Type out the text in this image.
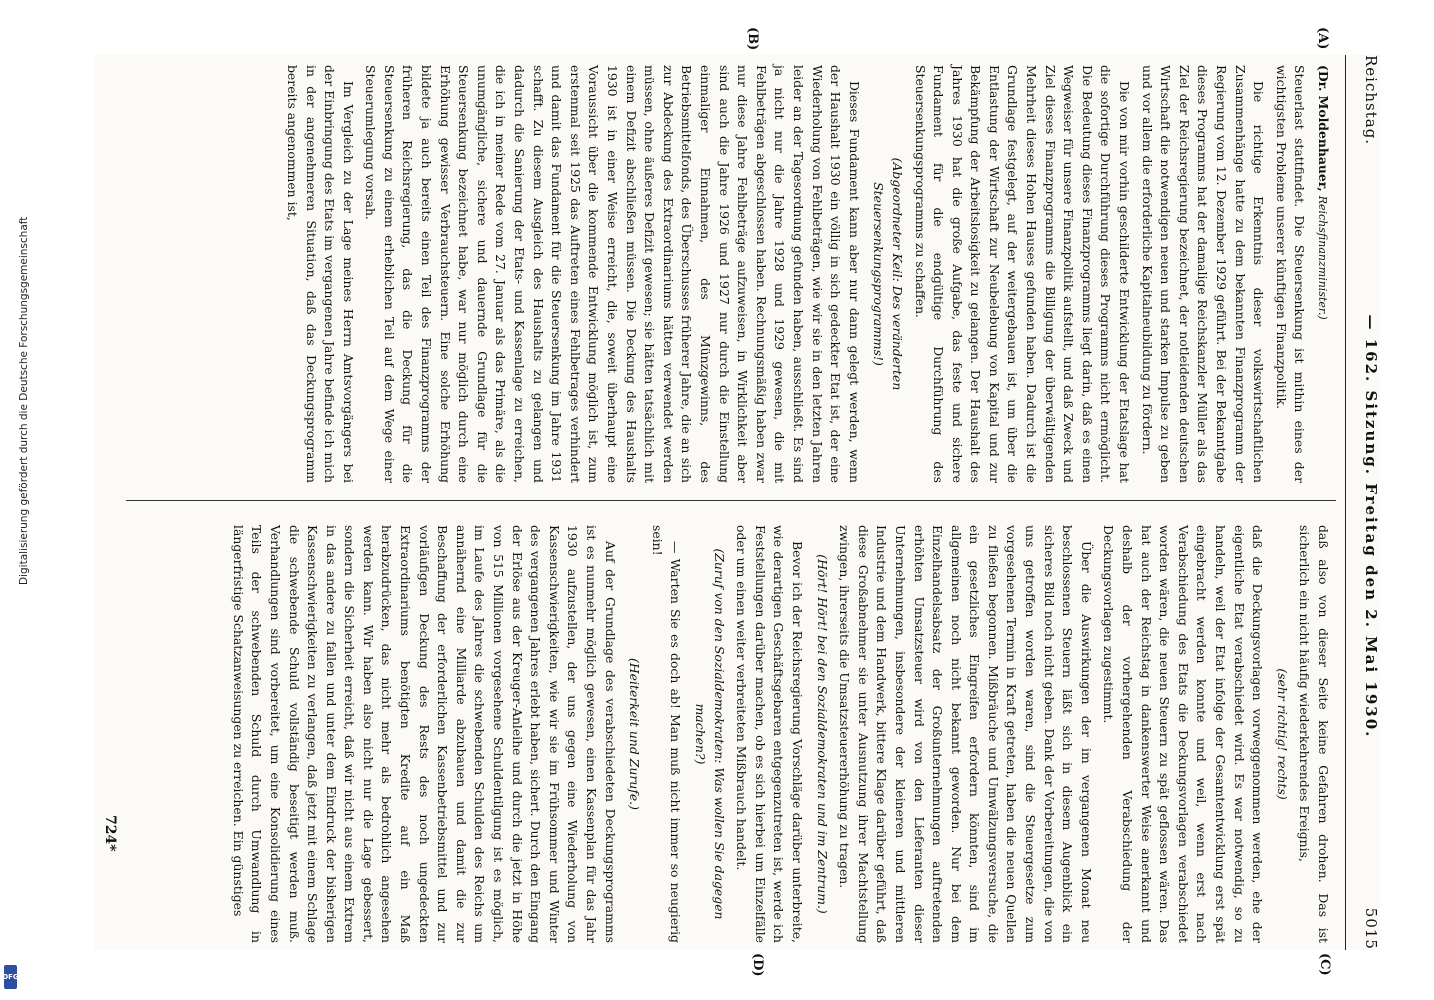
Digitalisierung gefördert durch die Deutsche Forschungsgemeinschaft
DFG
Reichstag.
— 162. Sitzung. Freitag den 2. Mai 1930.
5015
(A)
(B)
(C)
(D)

(Dr. Moldenhauer, Reichsfinanzminister.)

Steuerlast stattfindet. Die Steuersenkung ist mithin eines der wichtigsten Probleme unserer künftigen Finanzpolitik.

Die richtige Erkenntnis dieser volkswirtschaftlichen Zusammenhänge hatte zu dem bekannten Finanzprogramm der Regierung vom 12. Dezember 1929 geführt. Bei der Bekanntgabe dieses Programms hat der damalige Reichskanzler Müller als das Ziel der Reichsregierung bezeichnet, der notleidenden deutschen Wirtschaft die notwendigen neuen und starken Impulse zu geben und vor allem die erforderliche Kapitalneubildung zu fördern.

Die von mir vorhin geschilderte Entwicklung der Etatslage hat die sofortige Durchführung dieses Programms nicht ermöglicht. Die Bedeutung dieses Finanzprogramms liegt darin, daß es einen Wegweiser für unsere Finanzpolitik aufstellt, und daß Zweck und Ziel dieses Finanzprogramms die Billigung der überwältigenden Mehrheit dieses Hohen Hauses gefunden haben. Dadurch ist die Grundlage festgelegt, auf der weitergebauen ist, um über die Entlastung der Wirtschaft zur Neubelebung von Kapital und zur Bekämpfung der Arbeitslosigkeit zu gelangen. Der Haushalt des Jahres 1930 hat die große Aufgabe, das feste und sichere Fundament für die endgültige Durchführung des Steuersenkungsprogramms zu schaffen.

(Abgeordneter Keil: Des veränderten Steuersenkungsprogramms!)

Dieses Fundament kann aber nur dann gelegt werden, wenn der Haushalt 1930 ein völlig in sich gedeckter Etat ist, der eine Wiederholung von Fehlbeträgen, wie wir sie in den letzten Jahren leider an der Tagesordnung gefunden haben, ausschließt. Es sind ja nicht nur die Jahre 1928 und 1929 gewesen, die mit Fehlbeträgen abgeschlossen haben. Rechnungsmäßig haben zwar nur diese Jahre Fehlbeträge aufzuweisen, in Wirklichkeit aber sind auch die Jahre 1926 und 1927 nur durch die Einstellung einmaliger Einnahmen, des Münzgewinns, des Betriebsmittelfonds, des Überschusses früherer Jahre, die an sich zur Abdeckung des Extraordinariums hätten verwendet werden müssen, ohne äußeres Defizit gewesen; sie hätten tatsächlich mit einem Defizit abschließen müssen. Die Deckung des Haushalts 1930 ist in einer Weise erreicht, die, soweit überhaupt eine Voraussicht über die kommende Entwicklung möglich ist, zum erstenmal seit 1925 das Auftreten eines Fehlbetrages verhindert und damit das Fundament für die Steuersenkung im Jahre 1931 schafft. Zu diesem Ausgleich des Haushalts zu gelangen und dadurch die Sanierung der Etats- und Kassenlage zu erreichen, die ich in meiner Rede vom 27. Januar als das Primäre, als die unumgängliche, sichere und dauernde Grundlage für die Steuersenkung bezeichnet habe, war nur möglich durch eine Erhöhung gewisser Verbrauchsteuern. Eine solche Erhöhung bildete ja auch bereits einen Teil des Finanzprogramms der früheren Reichsregierung, das die Deckung für die Steuersenkung zu einem erheblichen Teil auf dem Wege einer Steuerumlegung vorsah.

Im Vergleich zu der Lage meines Herrn Amtsvorgängers bei der Einbringung des Etats im vergangenen Jahre befinde ich mich in der angenehmeren Situation, daß das Deckungsprogramm bereits angenommen ist,

daß also von dieser Seite keine Gefahren drohen. Das ist sicherlich ein nicht häufig wiederkehrendes Ereignis,

(sehr richtig! rechts)

daß die Deckungsvorlagen vorweggenommen werden, ehe der eigentliche Etat verabschiedet wird. Es war notwendig, so zu handeln, weil der Etat infolge der Gesamtentwicklung erst spät eingebracht werden konnte und weil, wenn erst nach Verabschiedung des Etats die Deckungsvorlagen verabschiedet worden wären, die neuen Steuern zu spät geflossen wären. Das hat auch der Reichstag in dankenswerter Weise anerkannt und deshalb der vorhergehenden Verabschiedung der Deckungsvorlagen zugestimmt.

Über die Auswirkungen der im vergangenen Monat neu beschlossenen Steuern läßt sich in diesem Augenblick ein sicheres Bild noch nicht geben. Dank der Vorbereitungen, die von uns getroffen worden waren, sind die Steuergesetze zum vorgesehenen Termin in Kraft getreten, haben die neuen Quellen zu fließen begonnen. Mißbräuche und Umwälzungsversuche, die ein gesetzliches Eingreifen erfordern könnten, sind im allgemeinen noch nicht bekannt geworden. Nur bei dem Einzelhandelsabsatz der Großunternehmungen auftretenden erhöhten Umsatzsteuer wird von den Lieferanten dieser Unternehmungen, insbesondere der kleineren und mittleren Industrie und dem Handwerk, bittere Klage darüber geführt, daß diese Großabnehmer sie unter Ausnutzung ihrer Machtstellung zwingen, ihrerseits die Umsatzsteuererhöhung zu tragen.

(Hört! Hört! bei den Sozialdemokraten und im Zentrum.)

Bevor ich der Reichsregierung Vorschläge darüber unterbreite, wie derartigen Geschäftsgebaren entgegenzutreten ist, werde ich Feststellungen darüber machen, ob es sich hierbei um Einzelfälle oder um einen weiter verbreiteten Mißbrauch handelt.

(Zuruf von den Sozialdemokraten: Was wollen Sie dagegen machen?)

— Warten Sie es doch ab! Man muß nicht immer so neugierig sein!

(Heiterkeit und Zurufe.)

Auf der Grundlage des verabschiedeten Deckungsprogramms ist es nunmehr möglich gewesen, einen Kassenplan für das Jahr 1930 aufzustellen, der uns gegen eine Wiederholung von Kassenschwierigkeiten, wie wir sie im Frühsommer und Winter des vergangenen Jahres erlebt haben, sichert. Durch den Eingang der Erlöse aus der Kreuger-Anleihe und durch die jetzt in Höhe von 515 Millionen vorgesehene Schuldentilgung ist es möglich, im Laufe des Jahres die schwebenden Schulden des Reichs um annähernd eine Milliarde abzubauen und damit die zur Beschaffung der erforderlichen Kassenbetriebsmittel und zur vorläufigen Deckung des Rests des noch ungedeckten Extraordinariums benötigten Kredite auf ein Maß herabzudrücken, das nicht mehr als bedrohlich angesehen werden kann. Wir haben also nicht nur die Lage gebessert, sondern die Sicherheit erreicht, daß wir nicht aus einem Extrem in das andere zu fallen und unter dem Eindruck der bisherigen Kassenschwierigkeiten zu verlangen, daß jetzt mit einem Schlage die schwebende Schuld vollständig beseitigt werden muß. Verhandlungen sind vorbereitet, um eine Konsolidierung eines Teils der schwebenden Schuld durch Umwandlung in längerfristige Schatzanweisungen zu erreichen. Ein günstiges

724*
